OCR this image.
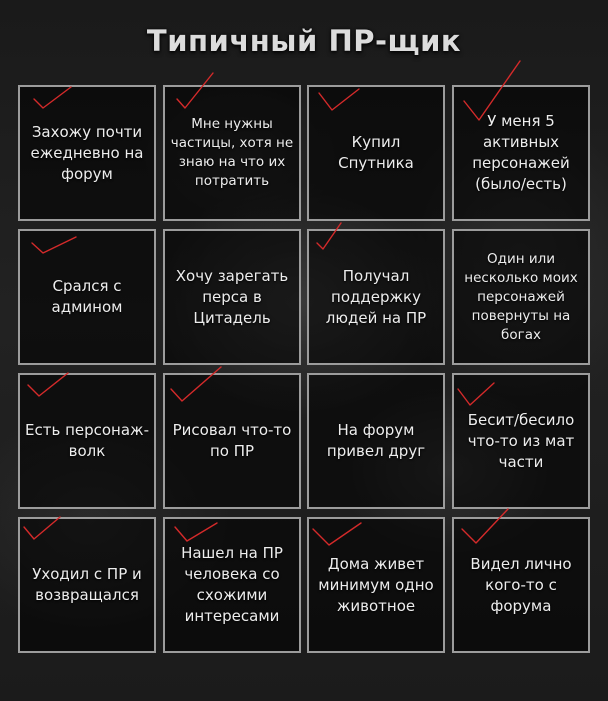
Типичный ПР-щик
Захожу почти ежедневно на форум
Мне нужны частицы, хотя не знаю на что их потратить
Купил Спутника
У меня 5 активных персонажей (было/есть)
Срался с админом
Хочу зарегать перса в Цитадель
Получал поддержку людей на ПР
Один или несколько моих персонажей повернуты на богах
Есть персонаж-волк
Рисовал что-то по ПР
На форум привел друг
Бесит/бесило что-то из мат части
Уходил с ПР и возвращался
Нашел на ПР человека со схожими интересами
Дома живет минимум одно животное
Видел лично кого-то с форума
